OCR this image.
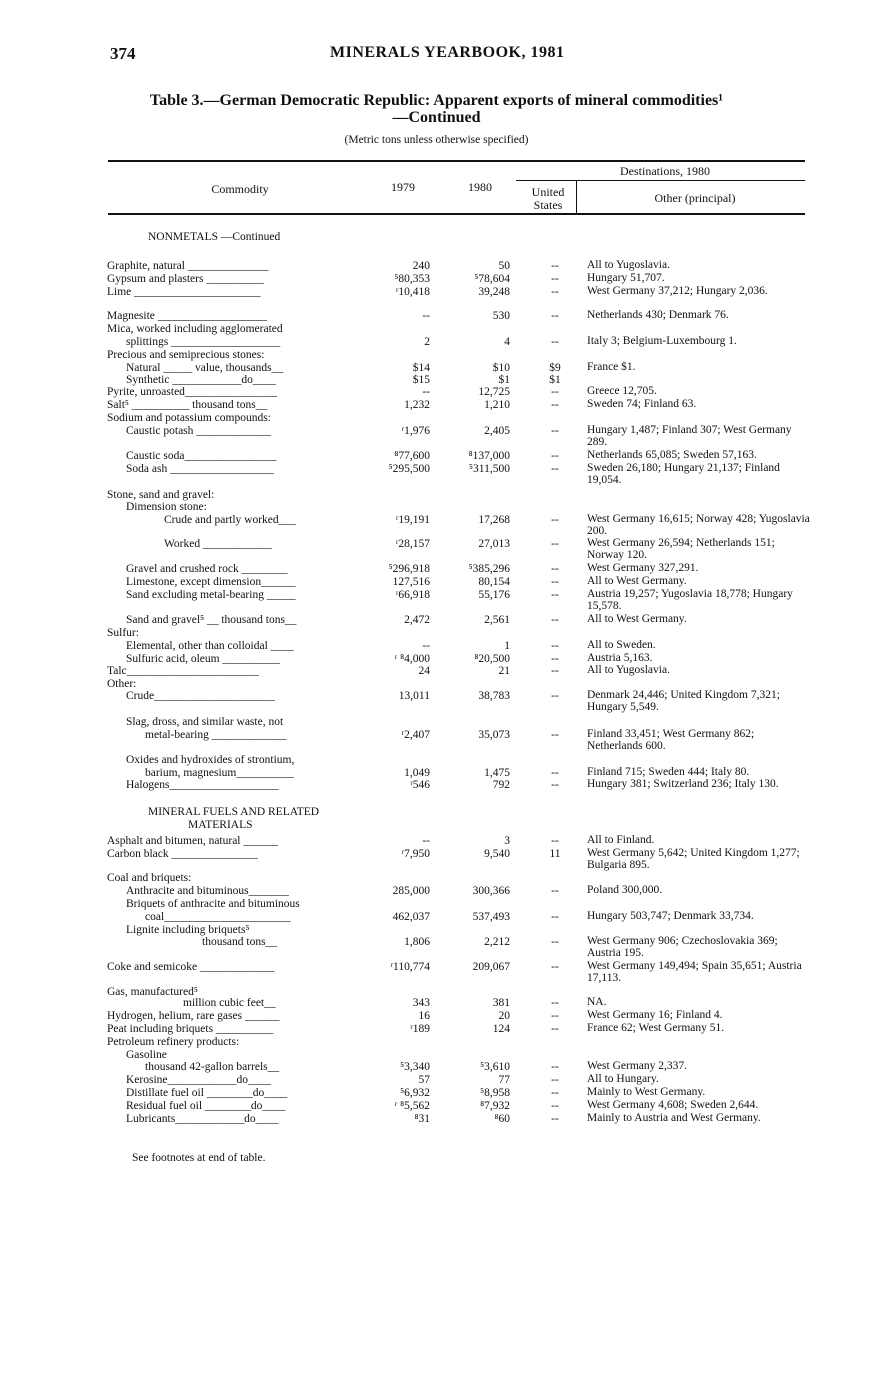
374	MINERALS YEARBOOK, 1981
Table 3.—German Democratic Republic: Apparent exports of mineral commodities¹
—Continued
(Metric tons unless otherwise specified)
Commodity	1979	1980
Destinations, 1980
United States	Other (principal)
NONMETALS —Continued
Graphite, natural ______________	240	50	--	All to Yugoslavia.
Gypsum and plasters __________	⁵80,353	⁵78,604	--	Hungary 51,707.
Lime ______________________	ʳ10,418	39,248	--	West Germany 37,212; Hungary 2,036.
Magnesite ___________________	--	530	--	Netherlands 430; Denmark 76.
Mica, worked including agglomerated
splittings ___________________	2	4	--	Italy 3; Belgium-Luxembourg 1.
Precious and semiprecious stones:
Natural _____ value, thousands__	$14	$10	$9	France $1.
Synthetic ____________do____	$15	$1	$1
Pyrite, unroasted________________	--	12,725	--	Greece 12,705.
Salt⁵ __________ thousand tons__	1,232	1,210	--	Sweden 74; Finland 63.
Sodium and potassium compounds:
Caustic potash _____________	ʳ1,976	2,405	--	Hungary 1,487; Finland 307; West Germany 289.
Caustic soda________________	⁸77,600	⁸137,000	--	Netherlands 65,085; Sweden 57,163.
Soda ash __________________	⁵295,500	⁵311,500	--	Sweden 26,180; Hungary 21,137; Finland 19,054.
Stone, sand and gravel:
Dimension stone:
Crude and partly worked___	ʳ19,191	17,268	--	West Germany 16,615; Norway 428; Yugoslavia 200.
Worked ____________	ʳ28,157	27,013	--	West Germany 26,594; Netherlands 151; Norway 120.
Gravel and crushed rock ________	⁵296,918	⁵385,296	--	West Germany 327,291.
Limestone, except dimension______	127,516	80,154	--	All to West Germany.
Sand excluding metal-bearing _____	ʳ66,918	55,176	--	Austria 19,257; Yugoslavia 18,778; Hungary 15,578.
Sand and gravel⁵ __ thousand tons__	2,472	2,561	--	All to West Germany.
Sulfur:
Elemental, other than colloidal ____	--	1	--	All to Sweden.
Sulfuric acid, oleum __________	ʳ ⁸4,000	⁸20,500	--	Austria 5,163.
Talc_______________________	24	21	--	All to Yugoslavia.
Other:
Crude_____________________	13,011	38,783	--	Denmark 24,446; United Kingdom 7,321; Hungary 5,549.
Slag, dross, and similar waste, not
metal-bearing _____________	ʳ2,407	35,073	--	Finland 33,451; West Germany 862; Netherlands 600.
Oxides and hydroxides of strontium,
barium, magnesium__________	1,049	1,475	--	Finland 715; Sweden 444; Italy 80.
Halogens___________________	ʳ546	792	--	Hungary 381; Switzerland 236; Italy 130.
MINERAL FUELS AND RELATED
MATERIALS
Asphalt and bitumen, natural ______	--	3	--	All to Finland.
Carbon black _______________	ʳ7,950	9,540	11	West Germany 5,642; United Kingdom 1,277; Bulgaria 895.
Coal and briquets:
Anthracite and bituminous_______	285,000	300,366	--	Poland 300,000.
Briquets of anthracite and bituminous
coal______________________	462,037	537,493	--	Hungary 503,747; Denmark 33,734.
Lignite including briquets⁵
thousand tons__	1,806	2,212	--	West Germany 906; Czechoslovakia 369; Austria 195.
Coke and semicoke _____________	ʳ110,774	209,067	--	West Germany 149,494; Spain 35,651; Austria 17,113.
Gas, manufactured⁵
million cubic feet__	343	381	--	NA.
Hydrogen, helium, rare gases ______	16	20	--	West Germany 16; Finland 4.
Peat including briquets __________	ʳ189	124	--	France 62; West Germany 51.
Petroleum refinery products:
Gasoline
thousand 42-gallon barrels__	⁵3,340	⁵3,610	--	West Germany 2,337.
Kerosine____________do____	57	77	--	All to Hungary.
Distillate fuel oil ________do____	⁵6,932	⁵8,958	--	Mainly to West Germany.
Residual fuel oil ________do____	ʳ ⁸5,562	⁸7,932	--	West Germany 4,608; Sweden 2,644.
Lubricants____________do____	⁸31	⁸60	--	Mainly to Austria and West Germany.
See footnotes at end of table.
